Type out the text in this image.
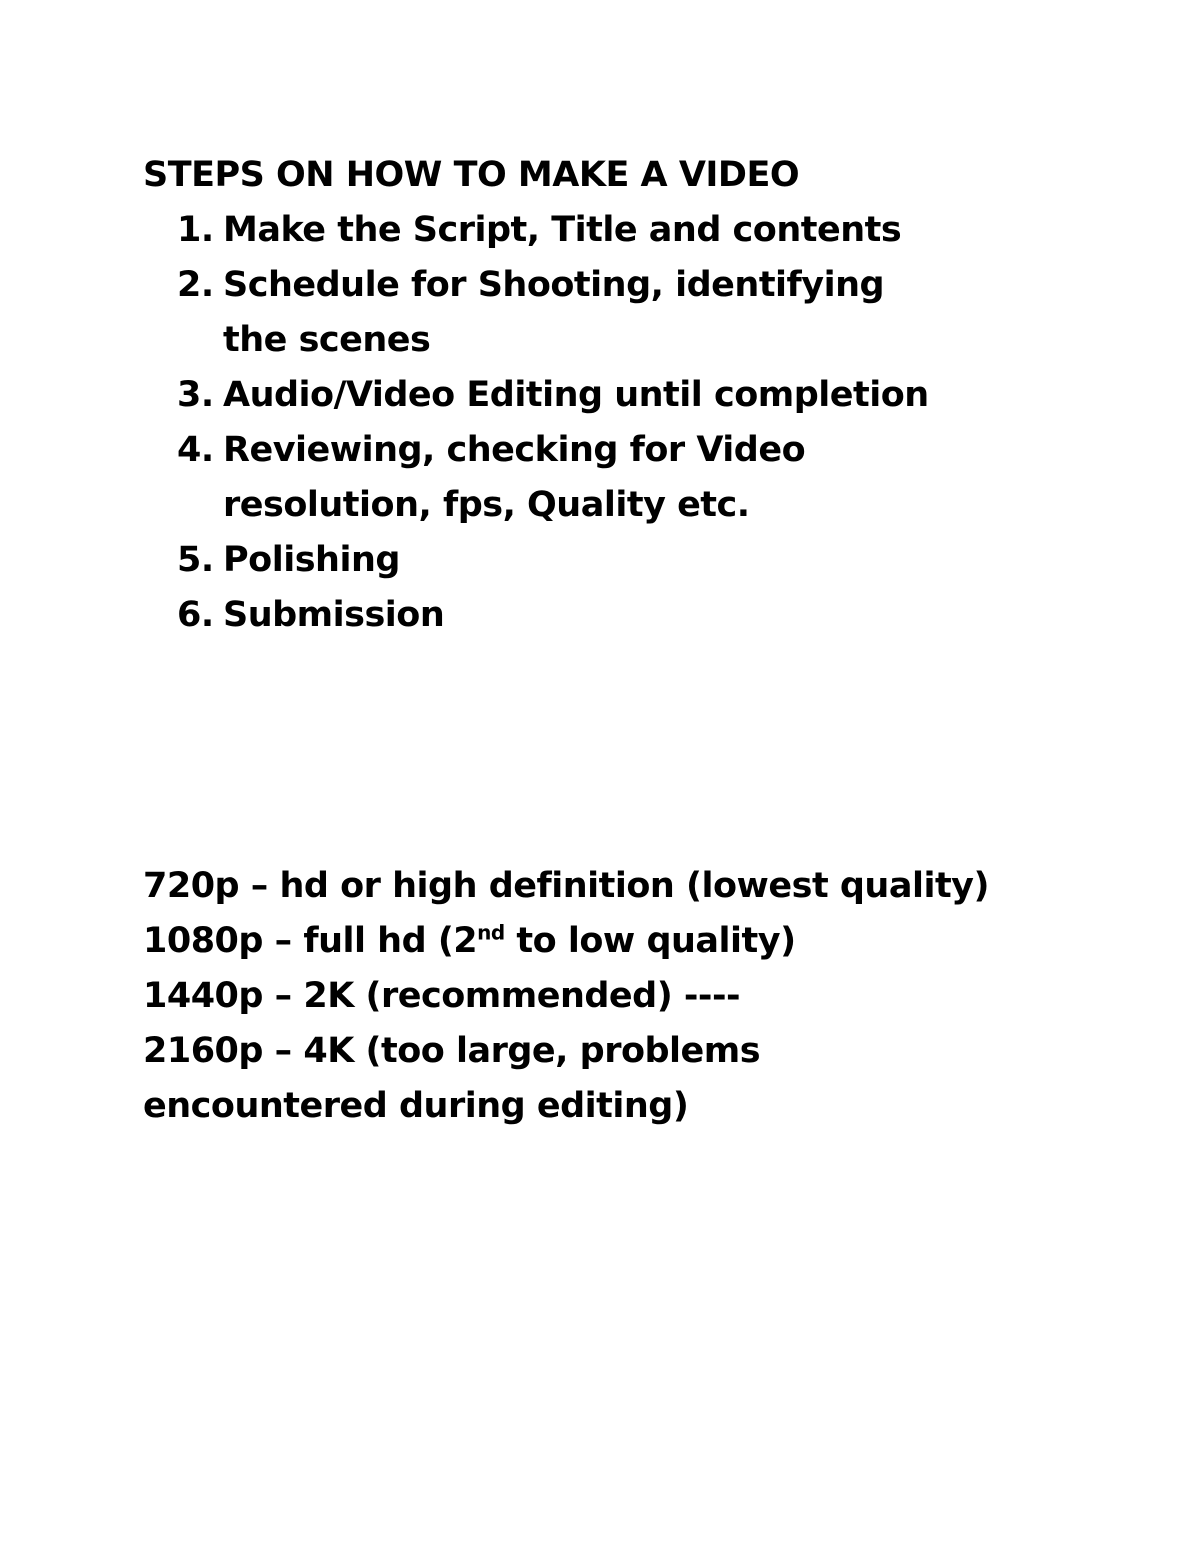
STEPS ON HOW TO MAKE A VIDEO
1. Make the Script, Title and contents
2. Schedule for Shooting, identifying the scenes
3. Audio/Video Editing until completion
4. Reviewing, checking for Video resolution, fps, Quality etc.
5. Polishing
6. Submission
720p – hd or high definition (lowest quality)
1080p – full hd (2nd to low quality)
1440p – 2K (recommended) ----
2160p – 4K (too large, problems encountered during editing)
